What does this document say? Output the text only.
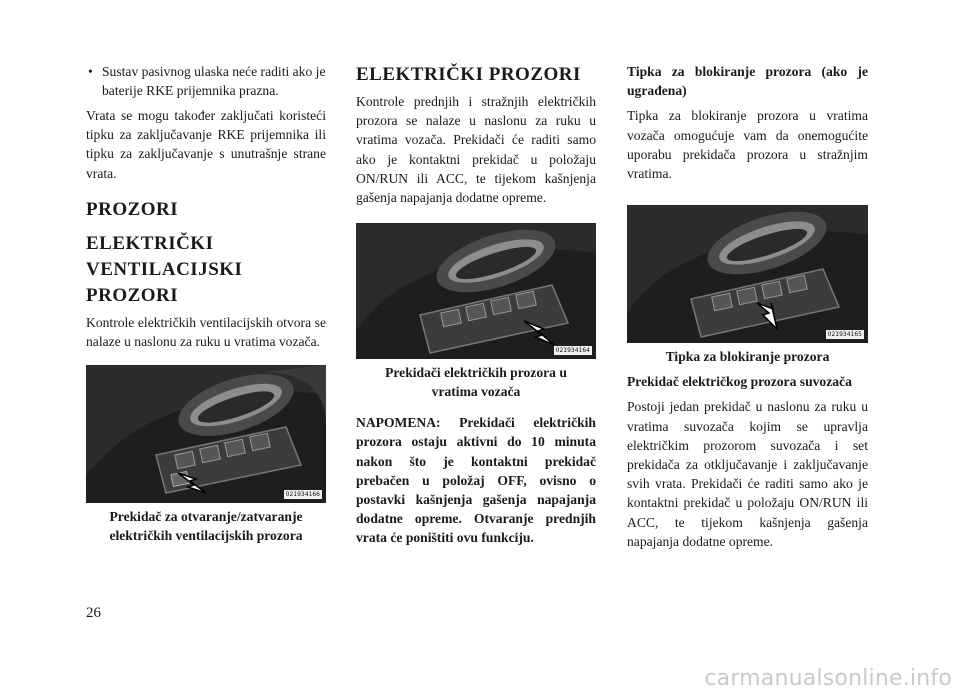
• Sustav pasivnog ulaska neće raditi ako je baterije RKE prijemnika prazna.

Vrata se mogu također zaključati koristeći tipku za zaključavanje RKE prijemnika ili tipku za zaključavanje s unutrašnje strane vrata.

PROZORI
ELEKTRIČKI
VENTILACIJSKI PROZORI

Kontrole električkih ventilacijskih otvora se nalaze u naslonu za ruku u vratima vozača.

021934166

Prekidač za otvaranje/zatvaranje

električkih ventilacijskih prozora

ELEKTRIČKI PROZORI

Kontrole prednjih i stražnjih električkih prozora se nalaze u naslonu za ruku u vratima vozača. Prekidači će raditi samo ako je kontaktni prekidač u položaju ON/RUN ili ACC, te tijekom kašnjenja gašenja napajanja dodatne opreme.

021934164

Prekidači električkih prozora u

vratima vozača

NAPOMENA: Prekidači električkih prozora ostaju aktivni do 10 minuta nakon što je kontaktni prekidač prebačen u položaj OFF, ovisno o postavki kašnjenja gašenja napajanja dodatne opreme. Otvaranje prednjih vrata će poništiti ovu funkciju.

Tipka za blokiranje prozora (ako je ugrađena)

Tipka za blokiranje prozora u vratima vozača omogućuje vam da onemogućite uporabu prekidača prozora u stražnjim vratima.

021934165

Tipka za blokiranje prozora

Prekidač električkog prozora suvozača

Postoji jedan prekidač u naslonu za ruku u vratima suvozača kojim se upravlja električkim prozorom suvozača i set prekidača za otključavanje i zaključavanje svih vrata. Prekidači će raditi samo ako je kontaktni prekidač u položaju ON/RUN ili ACC, te tijekom kašnjenja gašenja napajanja dodatne opreme.

26
carmanualsonline.info
